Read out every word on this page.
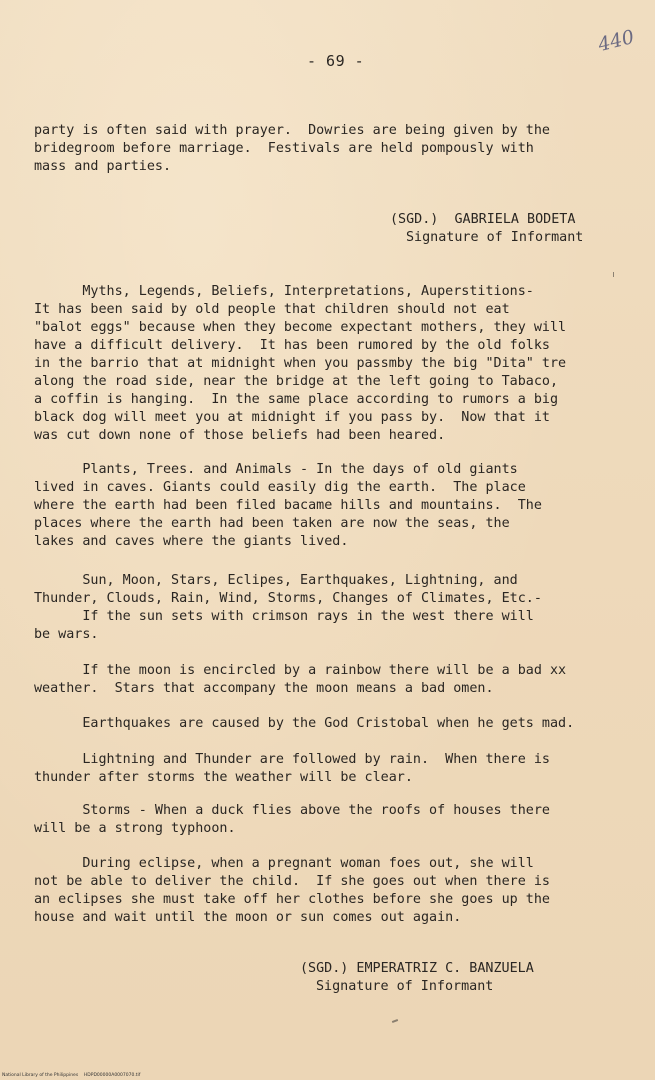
- 69 -
440
party is often said with prayer.  Dowries are being given by the
bridegroom before marriage.  Festivals are held pompously with
mass and parties.
(SGD.)  GABRIELA BODETA
Signature of Informant
Myths, Legends, Beliefs, Interpretations, Auperstitions-
It has been said by old people that children should not eat
"balot eggs" because when they become expectant mothers, they will
have a difficult delivery.  It has been rumored by the old folks
in the barrio that at midnight when you passmby the big "Dita" tre
along the road side, near the bridge at the left going to Tabaco,
a coffin is hanging.  In the same place according to rumors a big
black dog will meet you at midnight if you pass by.  Now that it
was cut down none of those beliefs had been heared.
Plants, Trees. and Animals - In the days of old giants
lived in caves. Giants could easily dig the earth.  The place
where the earth had been filed bacame hills and mountains.  The
places where the earth had been taken are now the seas, the
lakes and caves where the giants lived.
Sun, Moon, Stars, Eclipes, Earthquakes, Lightning, and
Thunder, Clouds, Rain, Wind, Storms, Changes of Climates, Etc.-
If the sun sets with crimson rays in the west there will
be wars.
If the moon is encircled by a rainbow there will be a bad xx
weather.  Stars that accompany the moon means a bad omen.
Earthquakes are caused by the God Cristobal when he gets mad.
Lightning and Thunder are followed by rain.  When there is
thunder after storms the weather will be clear.
Storms - When a duck flies above the roofs of houses there
will be a strong typhoon.
During eclipse, when a pregnant woman foes out, she will
not be able to deliver the child.  If she goes out when there is
an eclipses she must take off her clothes before she goes up the
house and wait until the moon or sun comes out again.
(SGD.) EMPERATRIZ C. BANZUELA
Signature of Informant
National Library of the Philippines    HDPD00000A0007070.tif
